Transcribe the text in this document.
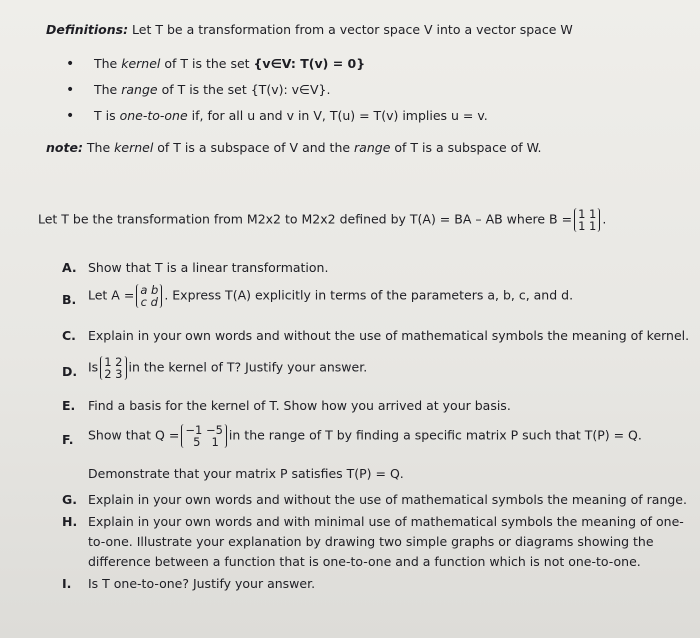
Definitions: Let T be a transformation from a vector space V into a vector space W
• The kernel of T is the set {v∈V: T(v) = 0}
• The range of T is the set {T(v): v∈V}.
• T is one-to-one if, for all u and v in V, T(u) = T(v) implies u = v.
note: The kernel of T is a subspace of V and the range of T is a subspace of W.
Let T be the transformation from M2x2 to M2x2 defined by T(A) = BA – AB where B = 1 1
1 1 .
A. Show that T is a linear transformation.
B. Let A = a b
c d . Express T(A) explicitly in terms of the parameters a, b, c, and d.
C. Explain in your own words and without the use of mathematical symbols the meaning of kernel.
D. Is 1 2
2 3 in the kernel of T? Justify your answer.
E. Find a basis for the kernel of T. Show how you arrived at your basis.
F. Show that Q = −1 −5
5   1 in the range of T by finding a specific matrix P such that T(P) = Q.
Demonstrate that your matrix P satisfies T(P) = Q.
G. Explain in your own words and without the use of mathematical symbols the meaning of range.
H. Explain in your own words and with minimal use of mathematical symbols the meaning of one-
to-one. Illustrate your explanation by drawing two simple graphs or diagrams showing the
difference between a function that is one-to-one and a function which is not one-to-one.
I. Is T one-to-one? Justify your answer.
